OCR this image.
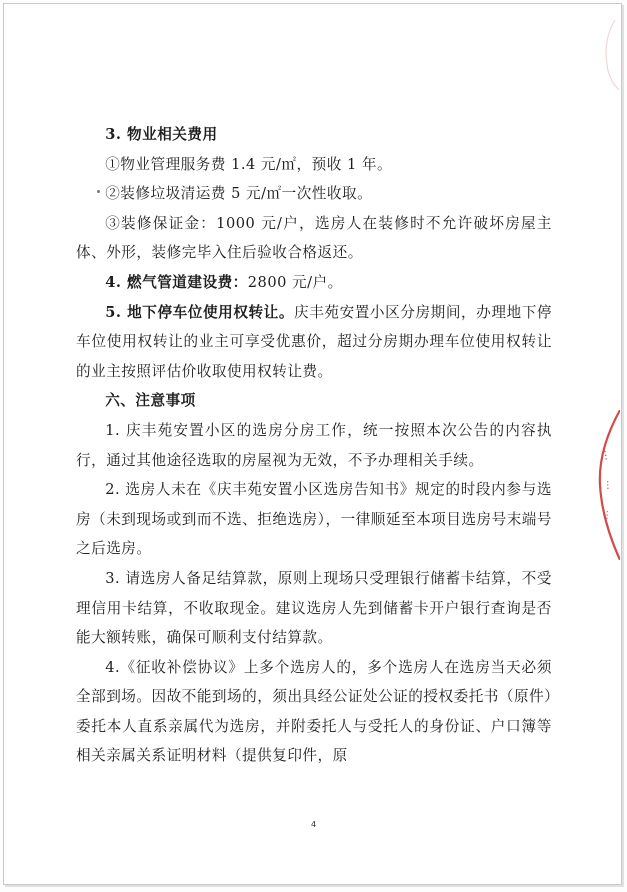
…
…
…

3. 物业相关费用

①物业管理服务费 1.4 元/㎡，预收 1 年。

②装修垃圾清运费 5 元/㎡一次性收取。

③装修保证金：1000 元/户，选房人在装修时不允许破坏房屋主体、外形，装修完毕入住后验收合格返还。

4. 燃气管道建设费：2800 元/户。

5. 地下停车位使用权转让。庆丰苑安置小区分房期间，办理地下停车位使用权转让的业主可享受优惠价，超过分房期办理车位使用权转让的业主按照评估价收取使用权转让费。

六、注意事项

1. 庆丰苑安置小区的选房分房工作，统一按照本次公告的内容执行，通过其他途径选取的房屋视为无效，不予办理相关手续。

2. 选房人未在《庆丰苑安置小区选房告知书》规定的时段内参与选房（未到现场或到而不选、拒绝选房），一律顺延至本项目选房号末端号之后选房。

3. 请选房人备足结算款，原则上现场只受理银行储蓄卡结算，不受理信用卡结算，不收取现金。建议选房人先到储蓄卡开户银行查询是否能大额转账，确保可顺利支付结算款。

4.《征收补偿协议》上多个选房人的，多个选房人在选房当天必须全部到场。因故不能到场的，须出具经公证处公证的授权委托书（原件）委托本人直系亲属代为选房，并附委托人与受托人的身份证、户口簿等相关亲属关系证明材料（提供复印件，原

4
